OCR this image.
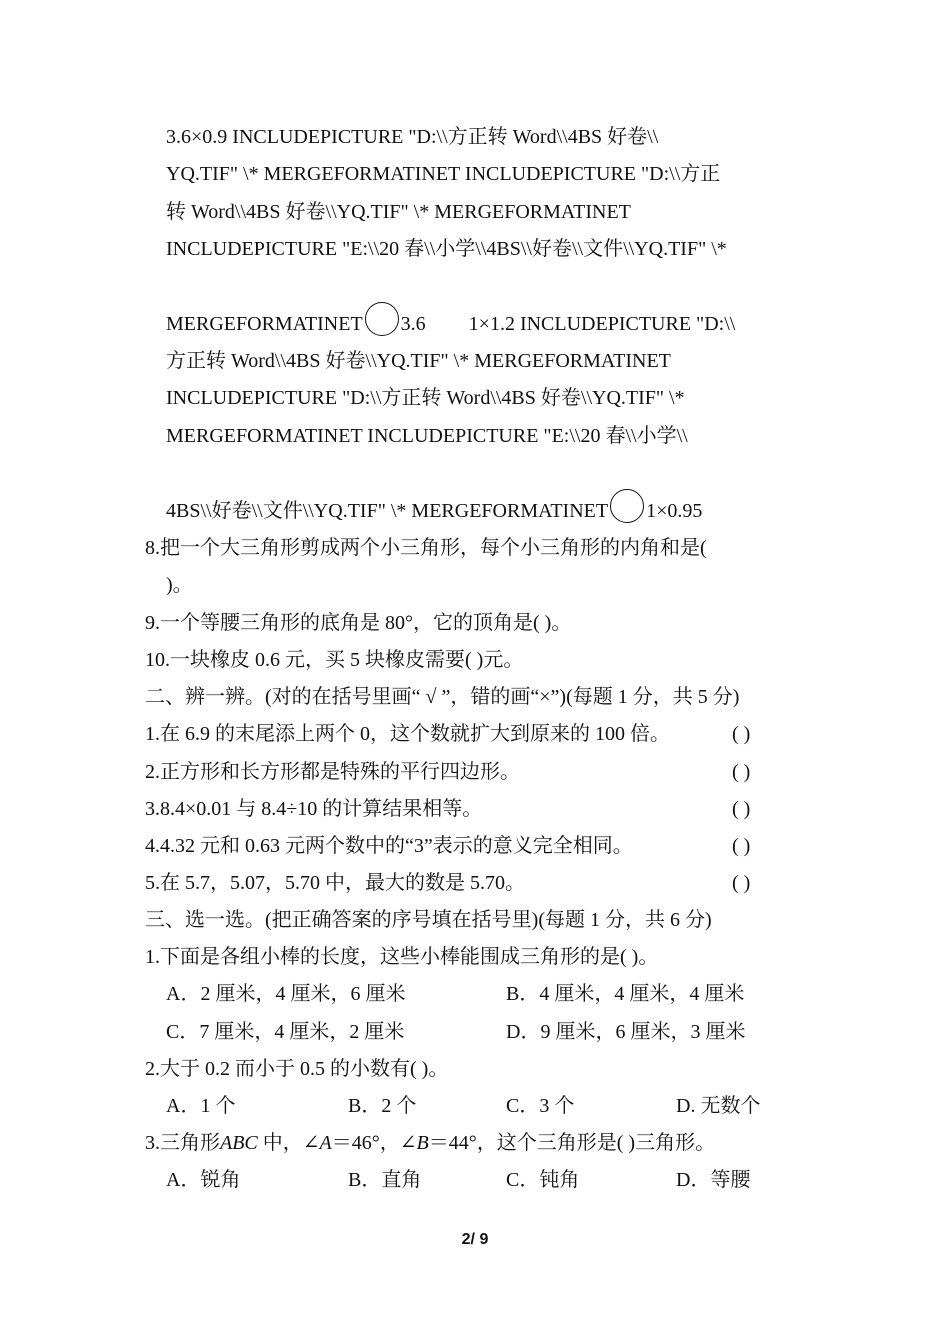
3.6×0.9 INCLUDEPICTURE "D:\\方正转 Word\\4BS 好卷\\
YQ.TIF" \* MERGEFORMATINET INCLUDEPICTURE "D:\\方正
转 Word\\4BS 好卷\\YQ.TIF" \* MERGEFORMATINET
INCLUDEPICTURE "E:\\20 春\\小学\\4BS\\好卷\\文件\\YQ.TIF" \*
MERGEFORMATINET 3.6 1×1.2 INCLUDEPICTURE "D:\\
方正转 Word\\4BS 好卷\\YQ.TIF" \* MERGEFORMATINET
INCLUDEPICTURE "D:\\方正转 Word\\4BS 好卷\\YQ.TIF" \*
MERGEFORMATINET INCLUDEPICTURE "E:\\20 春\\小学\\
4BS\\好卷\\文件\\YQ.TIF" \* MERGEFORMATINET 1×0.95
8.把一个大三角形剪成两个小三角形，每个小三角形的内角和是(
)。
9.一个等腰三角形的底角是 80°，它的顶角是( )。
10.一块橡皮 0.6 元，买 5 块橡皮需要( )元。
二、辨一辨。(对的在括号里画“ √ ”，错的画“×”)(每题 1 分，共 5 分)
1.在 6.9 的末尾添上两个 0，这个数就扩大到原来的 100 倍。	( )
2.正方形和长方形都是特殊的平行四边形。	( )
3.8.4×0.01 与 8.4÷10 的计算结果相等。	( )
4.4.32 元和 0.63 元两个数中的“3”表示的意义完全相同。	( )
5.在 5.7，5.07，5.70 中，最大的数是 5.70。	( )
三、选一选。(把正确答案的序号填在括号里)(每题 1 分，共 6 分)
1.下面是各组小棒的长度，这些小棒能围成三角形的是( )。
A．2 厘米，4 厘米，6 厘米	B．4 厘米，4 厘米，4 厘米
C．7 厘米，4 厘米，2 厘米	D．9 厘米，6 厘米，3 厘米
2.大于 0.2 而小于 0.5 的小数有( )。
A．1 个	B．2 个	C．3 个	D. 无数个
3.三角形ABC 中，∠A＝46°，∠B＝44°，这个三角形是( )三角形。
A．锐角	B．直角	C．钝角	D．等腰
2/ 9
